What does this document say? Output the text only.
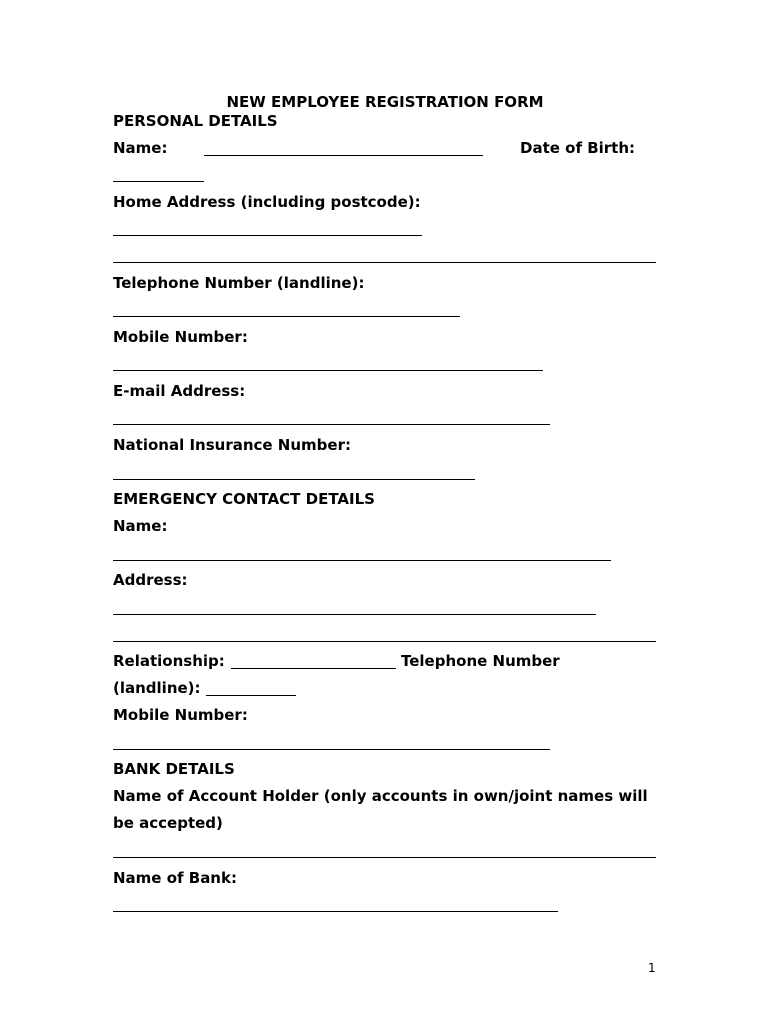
NEW EMPLOYEE REGISTRATION FORM
PERSONAL DETAILS
Name:	Date of Birth:
Home Address (including postcode):
Telephone Number (landline):
Mobile Number:
E-mail Address:
National Insurance Number:
EMERGENCY CONTACT DETAILS
Name:
Address:
Relationship:	Telephone Number
(landline):
Mobile Number:
BANK DETAILS
Name of Account Holder (only accounts in own/joint names will
be accepted)
Name of Bank:
1
